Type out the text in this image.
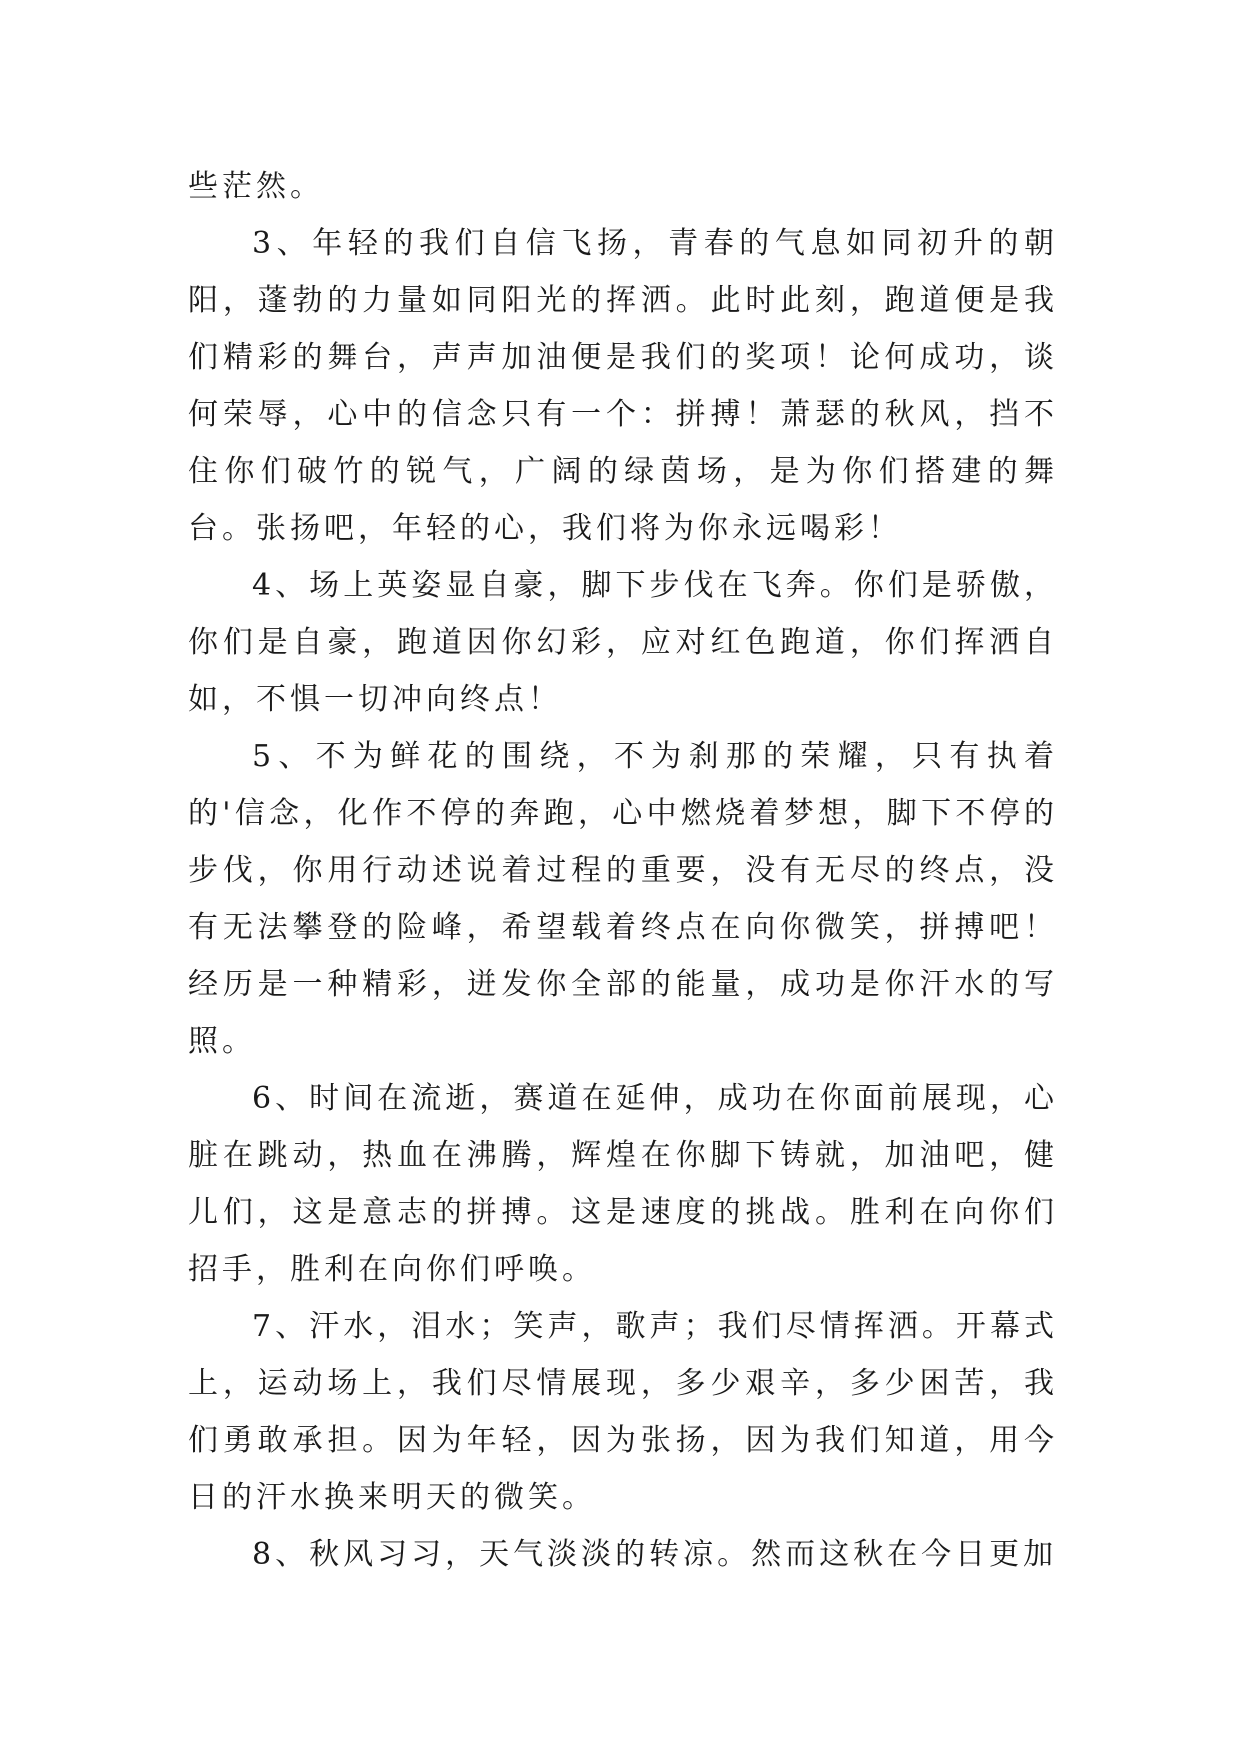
些茫然。

3、年轻的我们自信飞扬，青春的气息如同初升的朝阳，蓬勃的力量如同阳光的挥洒。此时此刻，跑道便是我们精彩的舞台，声声加油便是我们的奖项！论何成功，谈何荣辱，心中的信念只有一个：拼搏！萧瑟的秋风，挡不住你们破竹的锐气，广阔的绿茵场，是为你们搭建的舞台。张扬吧，年轻的心，我们将为你永远喝彩！

4、场上英姿显自豪，脚下步伐在飞奔。你们是骄傲，你们是自豪，跑道因你幻彩，应对红色跑道，你们挥洒自如，不惧一切冲向终点！

5、不为鲜花的围绕，不为刹那的荣耀，只有执着的'信念，化作不停的奔跑，心中燃烧着梦想，脚下不停的步伐，你用行动述说着过程的重要，没有无尽的终点，没有无法攀登的险峰，希望载着终点在向你微笑，拼搏吧！经历是一种精彩，迸发你全部的能量，成功是你汗水的写照。

6、时间在流逝，赛道在延伸，成功在你面前展现，心脏在跳动，热血在沸腾，辉煌在你脚下铸就，加油吧，健儿们，这是意志的拼搏。这是速度的挑战。胜利在向你们招手，胜利在向你们呼唤。

7、汗水，泪水；笑声，歌声；我们尽情挥洒。开幕式上，运动场上，我们尽情展现，多少艰辛，多少困苦，我们勇敢承担。因为年轻，因为张扬，因为我们知道，用今日的汗水换来明天的微笑。

8、秋风习习，天气淡淡的转凉。然而这秋在今日更加
